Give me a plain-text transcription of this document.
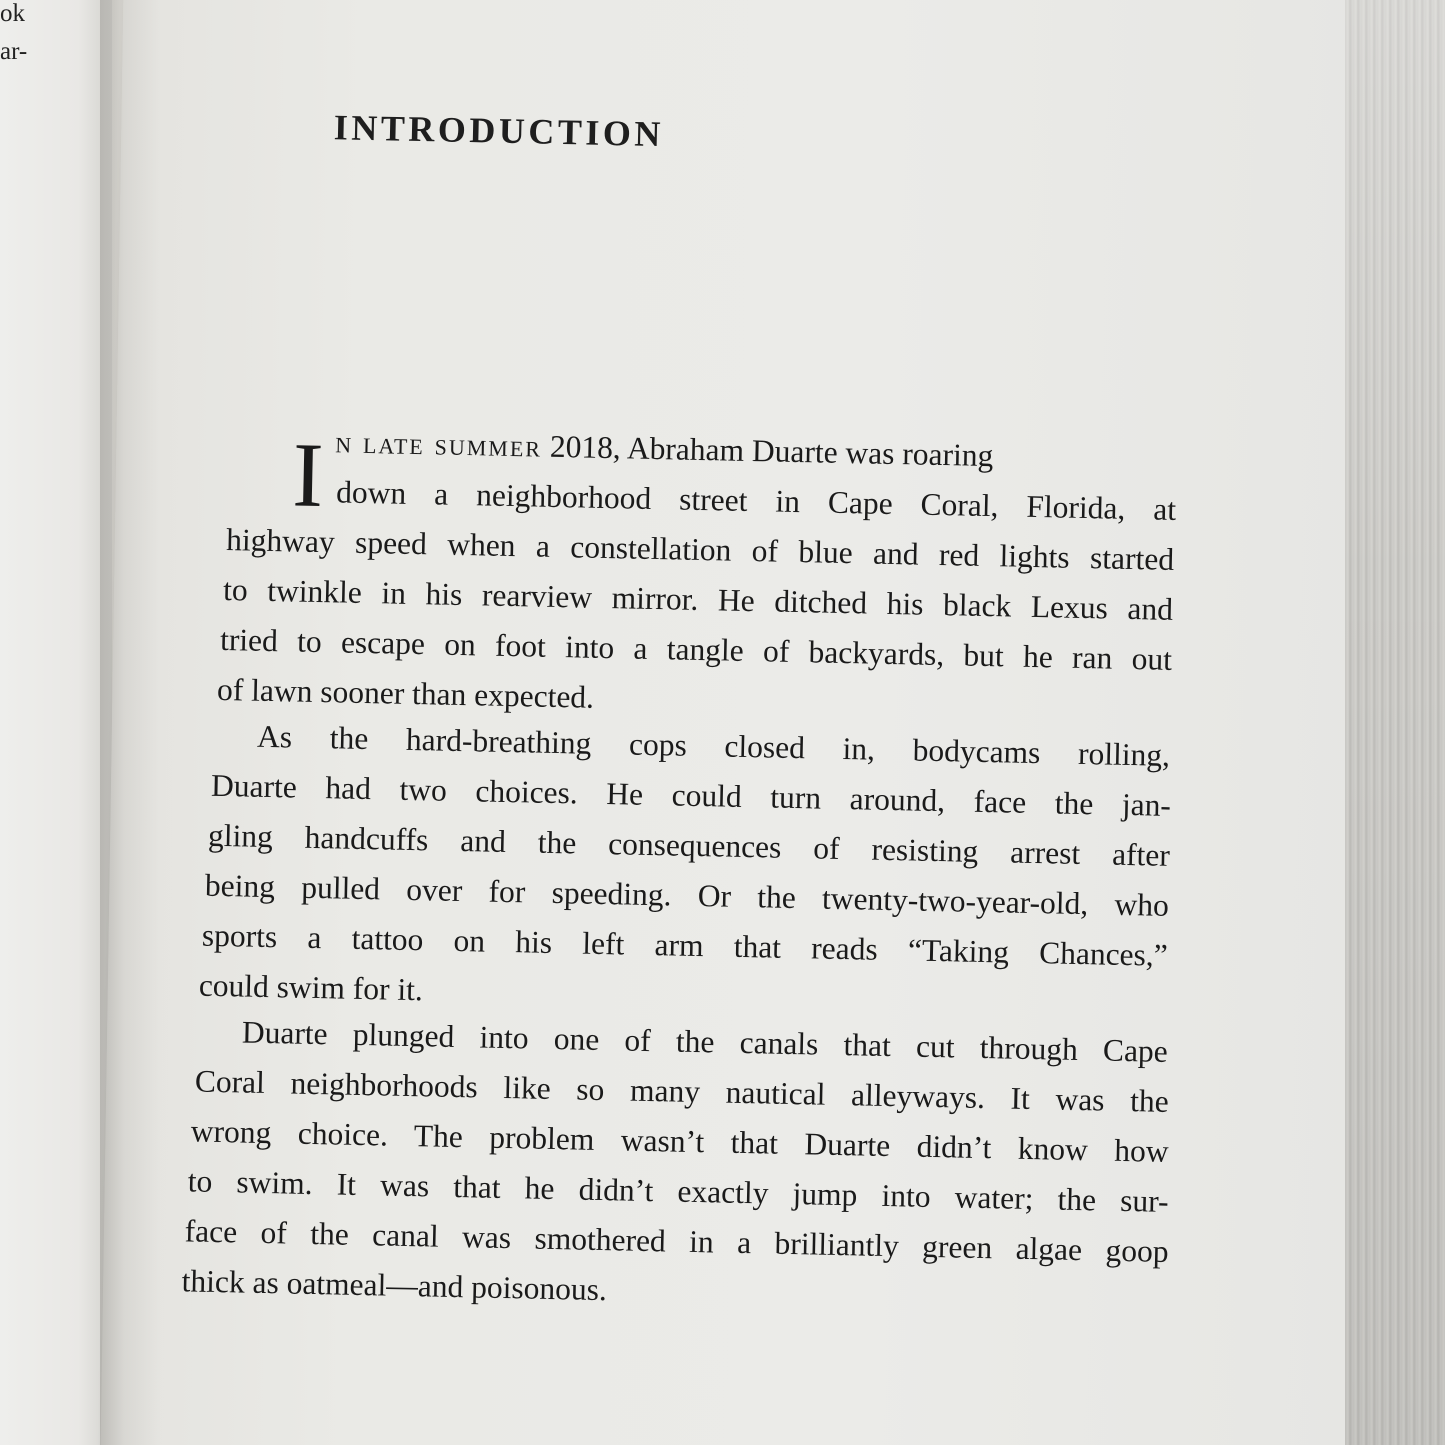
ok
ar-
INTRODUCTION
I n late summer 2018, Abraham Duarte was roaring
down a neighborhood street in Cape Coral, Florida, at
highway speed when a constellation of blue and red lights started
to twinkle in his rearview mirror. He ditched his black Lexus and
tried to escape on foot into a tangle of backyards, but he ran out
of lawn sooner than expected.
As the hard-breathing cops closed in, bodycams rolling,
Duarte had two choices. He could turn around, face the jan-
gling handcuffs and the consequences of resisting arrest after
being pulled over for speeding. Or the twenty-two-year-old, who
sports a tattoo on his left arm that reads “Taking Chances,”
could swim for it.
Duarte plunged into one of the canals that cut through Cape
Coral neighborhoods like so many nautical alleyways. It was the
wrong choice. The problem wasn’t that Duarte didn’t know how
to swim. It was that he didn’t exactly jump into water; the sur-
face of the canal was smothered in a brilliantly green algae goop
thick as oatmeal—and poisonous.
